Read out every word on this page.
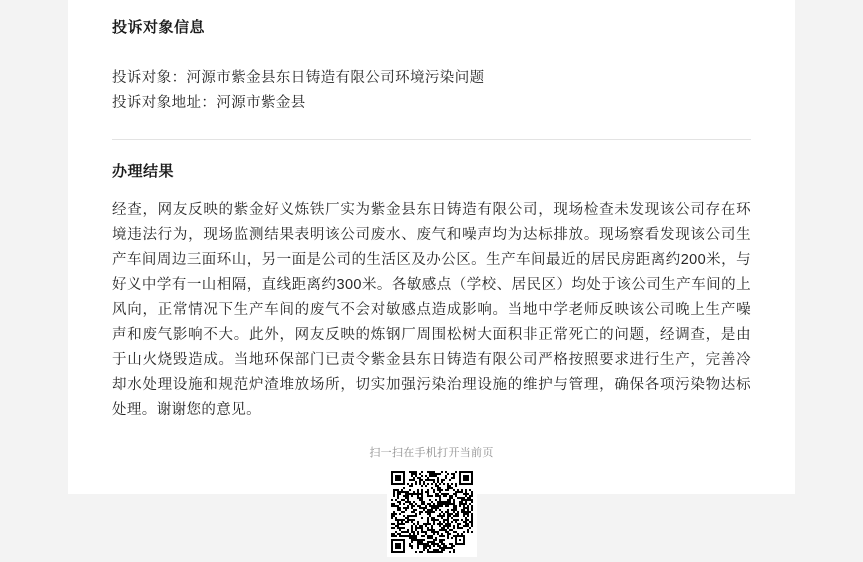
投诉对象信息
投诉对象：河源市紫金县东日铸造有限公司环境污染问题
投诉对象地址：河源市紫金县
办理结果
经查，网友反映的紫金好义炼铁厂实为紫金县东日铸造有限公司，现场检查未发现该公司存在环境违法行为，现场监测结果表明该公司废水、废气和噪声均为达标排放。现场察看发现该公司生产车间周边三面环山，另一面是公司的生活区及办公区。生产车间最近的居民房距离约200米，与好义中学有一山相隔，直线距离约300米。各敏感点（学校、居民区）均处于该公司生产车间的上风向，正常情况下生产车间的废气不会对敏感点造成影响。当地中学老师反映该公司晚上生产噪声和废气影响不大。此外，网友反映的炼钢厂周围松树大面积非正常死亡的问题，经调查，是由于山火烧毁造成。当地环保部门已责令紫金县东日铸造有限公司严格按照要求进行生产，完善冷却水处理设施和规范炉渣堆放场所，切实加强污染治理设施的维护与管理，确保各项污染物达标处理。谢谢您的意见。
扫一扫在手机打开当前页
